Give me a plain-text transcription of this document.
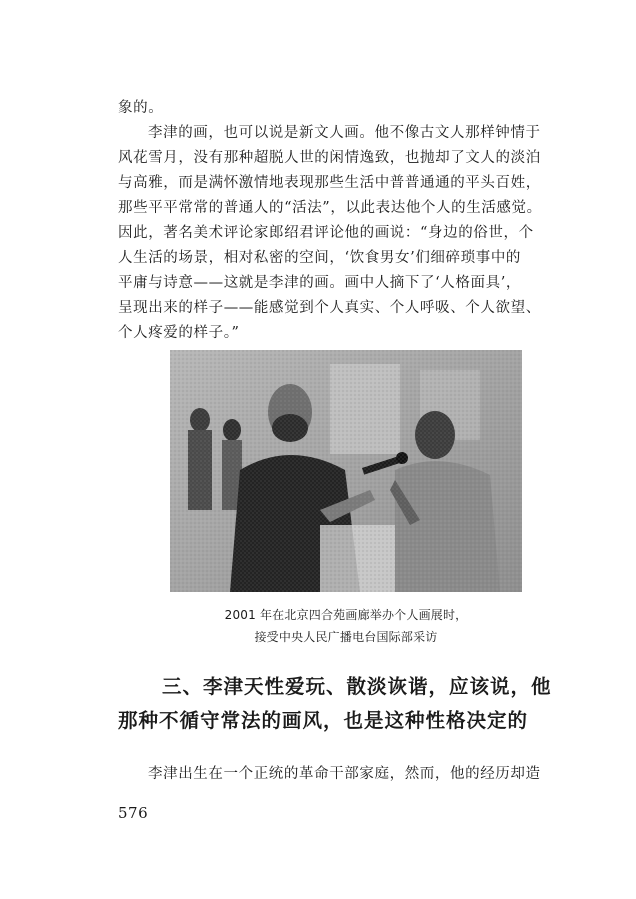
象的。

李津的画，也可以说是新文人画。他不像古文人那样钟情于

风花雪月，没有那种超脱人世的闲情逸致，也抛却了文人的淡泊

与高雅，而是满怀激情地表现那些生活中普普通通的平头百姓，

那些平平常常的普通人的“活法”，以此表达他个人的生活感觉。

因此，著名美术评论家郎绍君评论他的画说：“身边的俗世，个

人生活的场景，相对私密的空间，‘饮食男女’们细碎琐事中的

平庸与诗意——这就是李津的画。画中人摘下了‘人格面具’，

呈现出来的样子——能感觉到个人真实、个人呼吸、个人欲望、

个人疼爱的样子。”

2001 年在北京四合苑画廊举办个人画展时，
接受中央人民广播电台国际部采访

三、李津天性爱玩、散淡诙谐，应该说，他

那种不循守常法的画风，也是这种性格决定的

李津出生在一个正统的革命干部家庭，然而，他的经历却造

576
